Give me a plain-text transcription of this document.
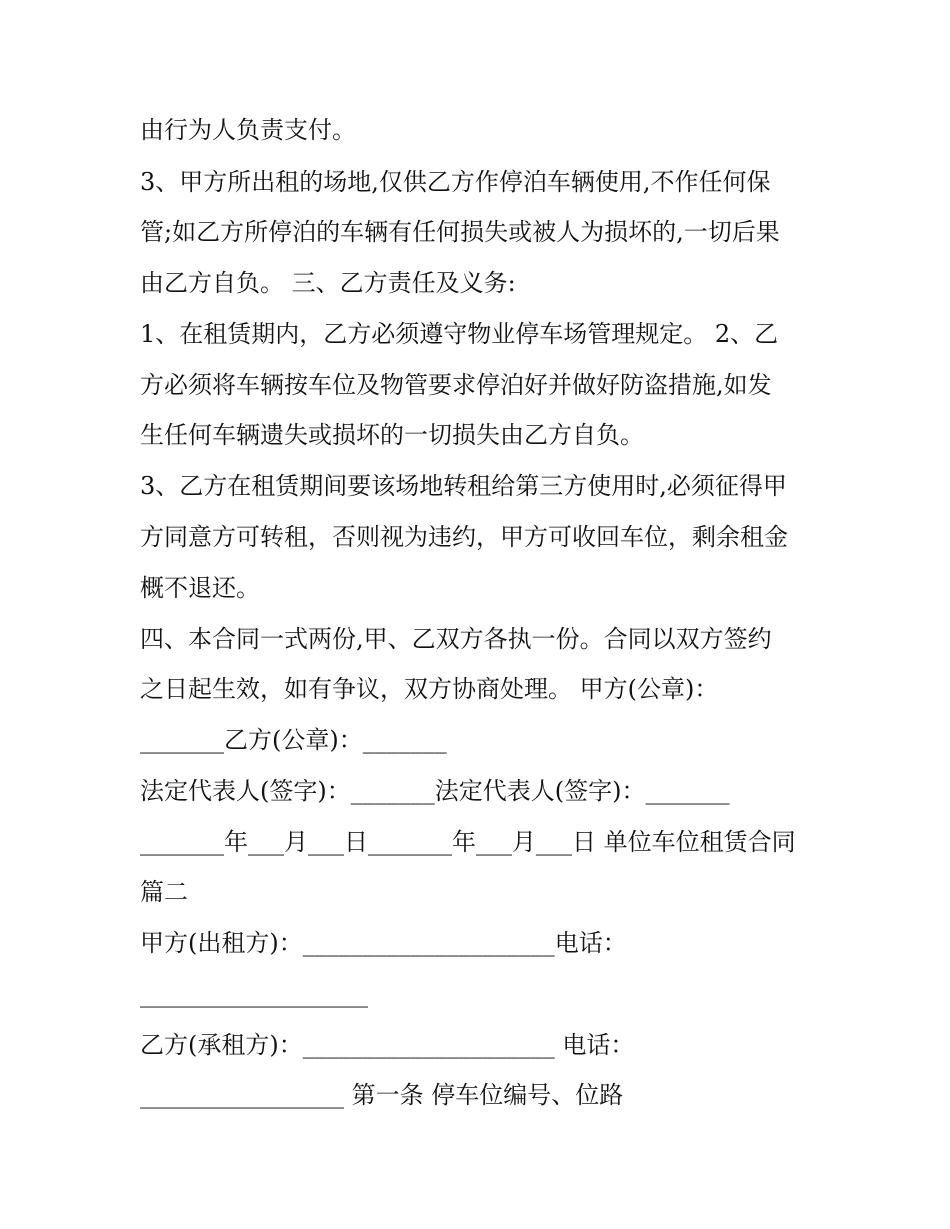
由行为人负责支付。
3、甲方所出租的场地,仅供乙方作停泊车辆使用,不作任何保
管;如乙方所停泊的车辆有任何损失或被人为损坏的,一切后果
由乙方自负。 三、乙方责任及义务:
1、在租赁期内，乙方必须遵守物业停车场管理规定。 2、乙
方必须将车辆按车位及物管要求停泊好并做好防盗措施,如发
生任何车辆遗失或损坏的一切损失由乙方自负。
3、乙方在租赁期间要该场地转租给第三方使用时,必须征得甲
方同意方可转租，否则视为违约，甲方可收回车位，剩余租金
概不退还。
四、本合同一式两份,甲、乙双方各执一份。合同以双方签约
之日起生效，如有争议，双方协商处理。 甲方(公章)：
_______乙方(公章)：_______
法定代表人(签字)：_______法定代表人(签字)：_______
_______年___月___日_______年___月___日 单位车位租赁合同
篇二
甲方(出租方)：_____________________电话：
___________________
乙方(承租方)：_____________________ 电话：
_________________ 第一条 停车位编号、位路
